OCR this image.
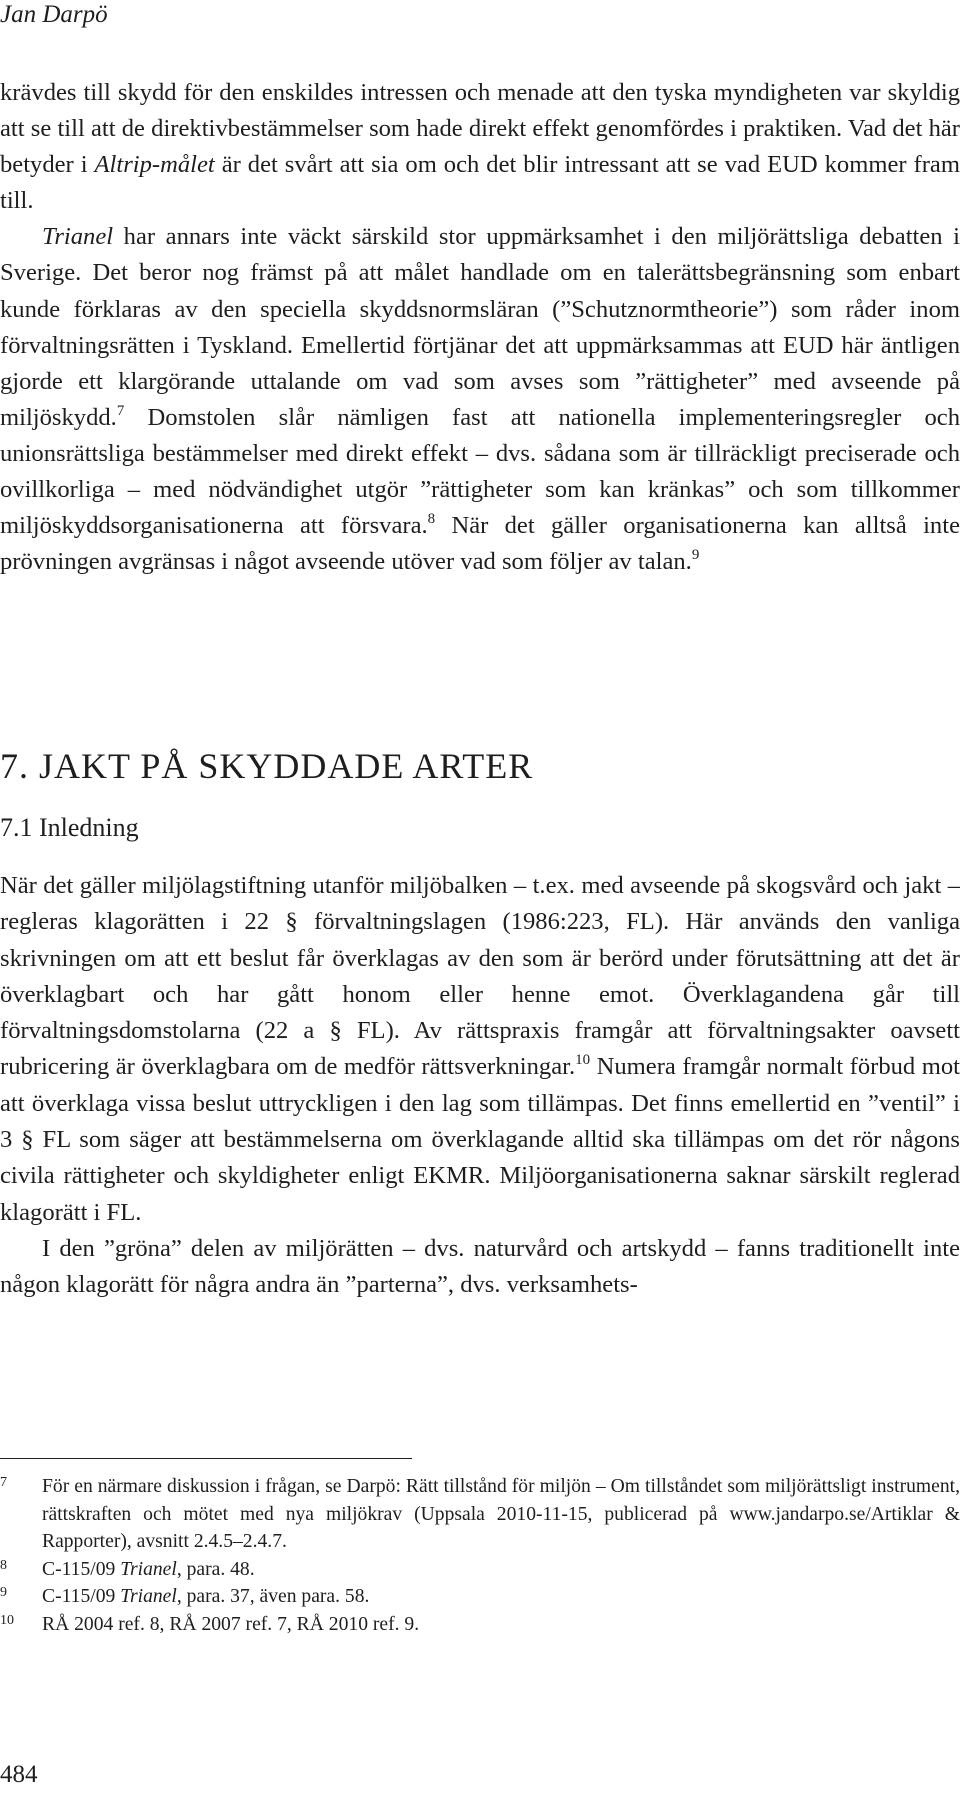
Jan Darpö

krävdes till skydd för den enskildes intressen och menade att den tyska myndigheten var skyldig att se till att de direktivbestämmelser som hade direkt effekt genomfördes i praktiken. Vad det här betyder i Altrip-målet är det svårt att sia om och det blir intressant att se vad EUD kommer fram till.

Trianel har annars inte väckt särskild stor uppmärksamhet i den miljörättsliga debatten i Sverige. Det beror nog främst på att målet handlade om en talerättsbegränsning som enbart kunde förklaras av den speciella skyddsnormsläran (”Schutznormtheorie”) som råder inom förvaltningsrätten i Tyskland. Emellertid förtjänar det att uppmärksammas att EUD här äntligen gjorde ett klargörande uttalande om vad som avses som ”rättigheter” med avseende på miljöskydd.$^7$ Domstolen slår nämligen fast att nationella implementeringsregler och unionsrättsliga bestämmelser med direkt effekt – dvs. sådana som är tillräckligt preciserade och ovillkorliga – med nödvändighet utgör ”rättigheter som kan kränkas” och som tillkommer miljöskyddsorganisationerna att försvara.$^8$ När det gäller organisationerna kan alltså inte prövningen avgränsas i något avseende utöver vad som följer av talan.$^9$

7. JAKT PÅ SKYDDADE ARTER
7.1 Inledning

När det gäller miljölagstiftning utanför miljöbalken – t.ex. med avseende på skogsvård och jakt – regleras klagorätten i 22 § förvaltningslagen (1986:223, FL). Här används den vanliga skrivningen om att ett beslut får överklagas av den som är berörd under förutsättning att det är överklagbart och har gått honom eller henne emot. Överklagandena går till förvaltningsdomstolarna (22 a § FL). Av rättspraxis framgår att förvaltningsakter oavsett rubricering är överklagbara om de medför rättsverkningar.$^{10}$ Numera framgår normalt förbud mot att överklaga vissa beslut uttryckligen i den lag som tillämpas. Det finns emellertid en ”ventil” i 3 § FL som säger att bestämmelserna om överklagande alltid ska tillämpas om det rör någons civila rättigheter och skyldigheter enligt EKMR. Miljöorganisationerna saknar särskilt reglerad klagorätt i FL.

I den ”gröna” delen av miljörätten – dvs. naturvård och artskydd – fanns traditionellt inte någon klagorätt för några andra än ”parterna”, dvs. verksamhets-

7	För en närmare diskussion i frågan, se Darpö: Rätt tillstånd för miljön – Om tillståndet som miljörättsligt instrument, rättskraften och mötet med nya miljökrav (Uppsala 2010-11-15, publicerad på www.jandarpo.se/Artiklar & Rapporter), avsnitt 2.4.5–2.4.7.
8	C-115/09 Trianel, para. 48.
9	C-115/09 Trianel, para. 37, även para. 58.
10	RÅ 2004 ref. 8, RÅ 2007 ref. 7, RÅ 2010 ref. 9.
484
